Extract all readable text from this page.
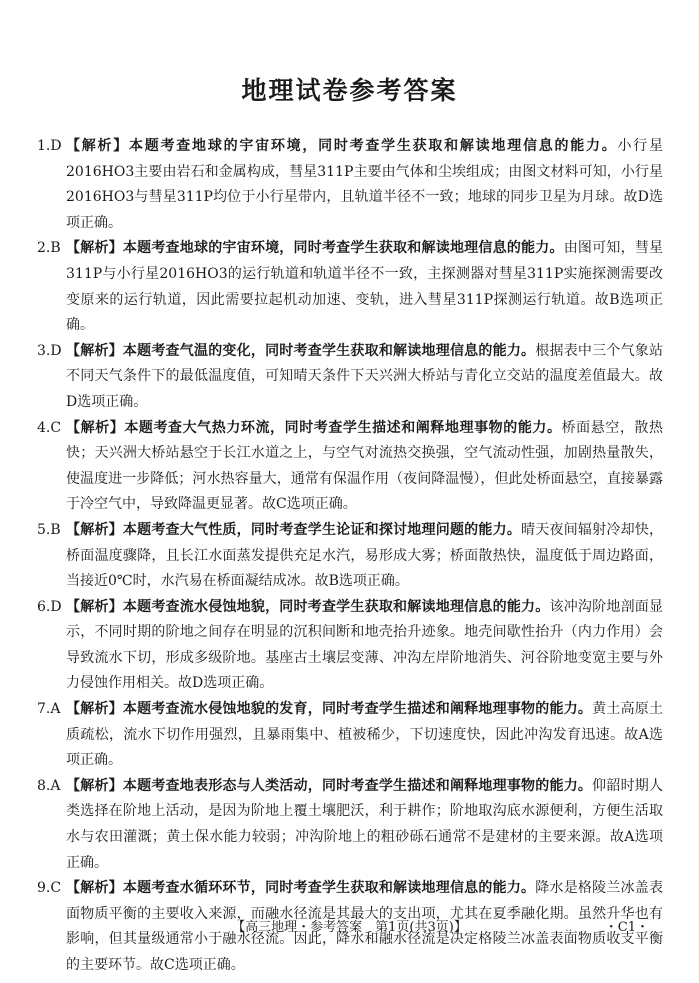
地理试卷参考答案

1.D 【解析】本题考查地球的宇宙环境，同时考查学生获取和解读地理信息的能力。小行星2016HO3主要由岩石和金属构成，彗星311P主要由气体和尘埃组成；由图文材料可知，小行星2016HO3与彗星311P均位于小行星带内，且轨道半径不一致；地球的同步卫星为月球。故D选项正确。

2.B 【解析】本题考查地球的宇宙环境，同时考查学生获取和解读地理信息的能力。由图可知，彗星311P与小行星2016HO3的运行轨道和轨道半径不一致，主探测器对彗星311P实施探测需要改变原来的运行轨道，因此需要拉起机动加速、变轨，进入彗星311P探测运行轨道。故B选项正确。

3.D 【解析】本题考查气温的变化，同时考查学生获取和解读地理信息的能力。根据表中三个气象站不同天气条件下的最低温度值，可知晴天条件下天兴洲大桥站与青化立交站的温度差值最大。故D选项正确。

4.C 【解析】本题考查大气热力环流，同时考查学生描述和阐释地理事物的能力。桥面悬空，散热快；天兴洲大桥站悬空于长江水道之上，与空气对流热交换强，空气流动性强，加剧热量散失，使温度进一步降低；河水热容量大，通常有保温作用（夜间降温慢），但此处桥面悬空，直接暴露于冷空气中，导致降温更显著。故C选项正确。

5.B 【解析】本题考查大气性质，同时考查学生论证和探讨地理问题的能力。晴天夜间辐射冷却快，桥面温度骤降，且长江水面蒸发提供充足水汽，易形成大雾；桥面散热快，温度低于周边路面，当接近0℃时，水汽易在桥面凝结成冰。故B选项正确。

6.D 【解析】本题考查流水侵蚀地貌，同时考查学生获取和解读地理信息的能力。该冲沟阶地剖面显示，不同时期的阶地之间存在明显的沉积间断和地壳抬升迹象。地壳间歇性抬升（内力作用）会导致流水下切，形成多级阶地。基座古土壤层变薄、冲沟左岸阶地消失、河谷阶地变宽主要与外力侵蚀作用相关。故D选项正确。

7.A 【解析】本题考查流水侵蚀地貌的发育，同时考查学生描述和阐释地理事物的能力。黄土高原土质疏松，流水下切作用强烈，且暴雨集中、植被稀少，下切速度快，因此冲沟发育迅速。故A选项正确。

8.A 【解析】本题考查地表形态与人类活动，同时考查学生描述和阐释地理事物的能力。仰韶时期人类选择在阶地上活动，是因为阶地上覆土壤肥沃，利于耕作；阶地取沟底水源便利，方便生活取水与农田灌溉；黄土保水能力较弱；冲沟阶地上的粗砂砾石通常不是建材的主要来源。故A选项正确。

9.C 【解析】本题考查水循环环节，同时考查学生获取和解读地理信息的能力。降水是格陵兰冰盖表面物质平衡的主要收入来源，而融水径流是其最大的支出项，尤其在夏季融化期。虽然升华也有影响，但其量级通常小于融水径流。因此，降水和融水径流是决定格陵兰冰盖表面物质收支平衡的主要环节。故C选项正确。

【高三地理・参考答案　第1页(共3页)】	‥ ・C1・
